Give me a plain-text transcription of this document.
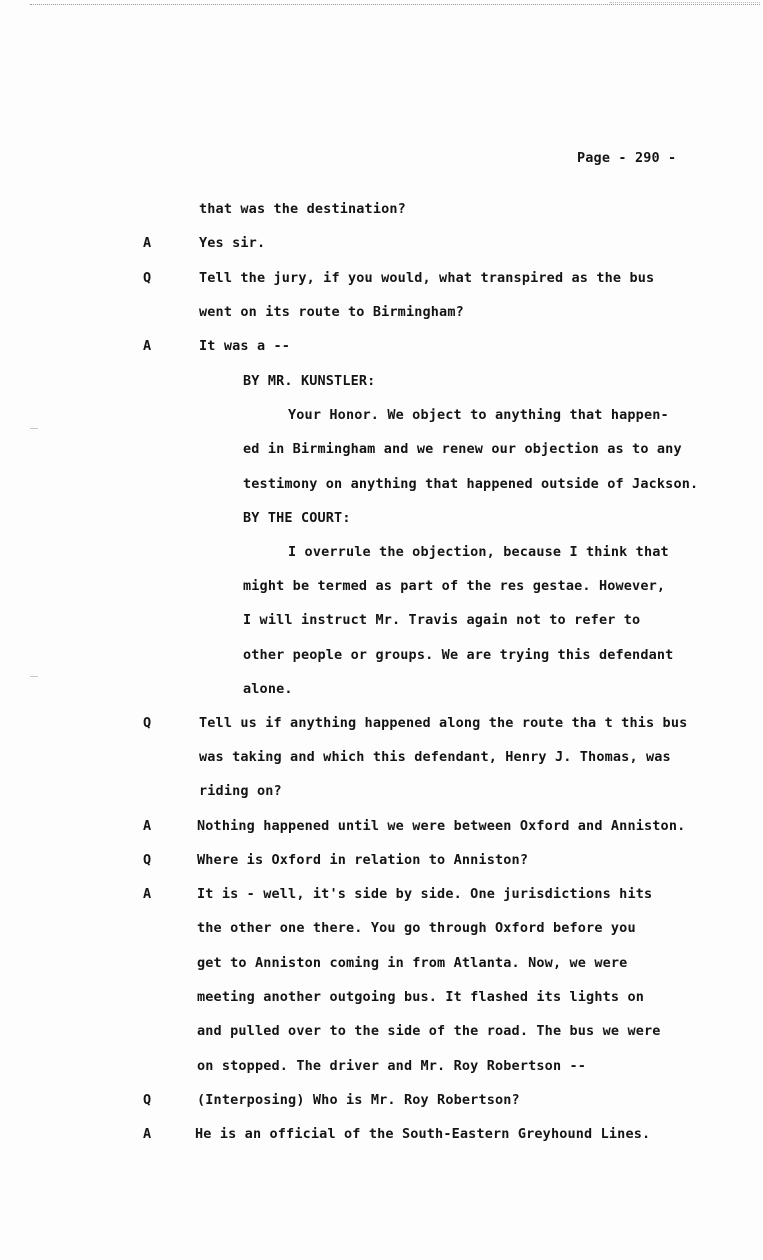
Page - 290 -
that was the destination?
A	Yes sir.
Q	Tell the jury, if you would, what transpired as the bus
went on its route to Birmingham?
A	It was a --
BY MR. KUNSTLER:
Your Honor. We object to anything that happen-
ed in Birmingham and we renew our objection as to any
testimony on anything that happened outside of Jackson.
BY THE COURT:
I overrule the objection, because I think that
might be termed as part of the res gestae. However,
I will instruct Mr. Travis again not to refer to
other people or groups. We are trying this defendant
alone.
Q	Tell us if anything happened along the route tha t this bus
was taking and which this defendant, Henry J. Thomas, was
riding on?
A	Nothing happened until we were between Oxford and Anniston.
Q	Where is Oxford in relation to Anniston?
A	It is - well, it's side by side. One jurisdictions hits
the other one there. You go through Oxford before you
get to Anniston coming in from Atlanta. Now, we were
meeting another outgoing bus. It flashed its lights on
and pulled over to the side of the road. The bus we were
on stopped. The driver and Mr. Roy Robertson --
Q	(Interposing) Who is Mr. Roy Robertson?
A	He is an official of the South-Eastern Greyhound Lines.
